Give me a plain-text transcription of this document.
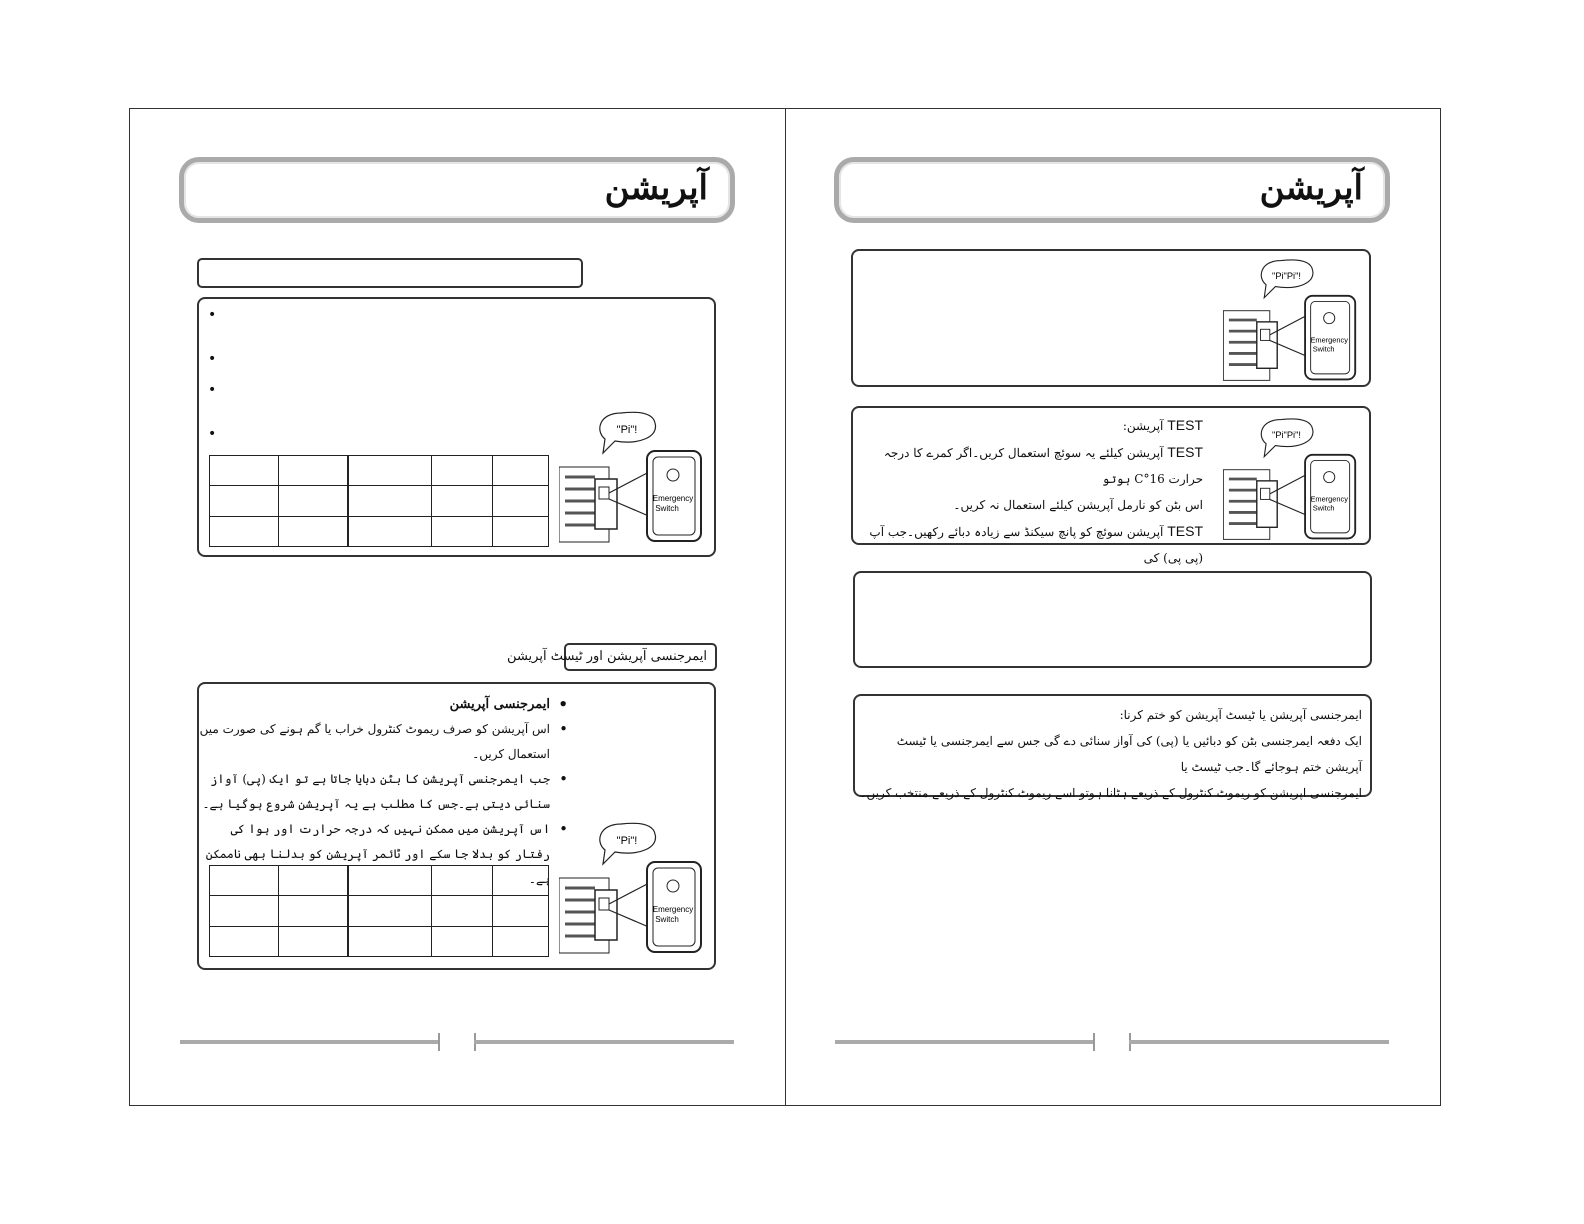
آپریشن
•
•
•
•

					"Pi"!
Emergency
Switch
ایمرجنسی آپریشن اور ٹیسٹ آپریشن
• ایمرجنسی آپریشن
• اس آپریشن کو صرف ریموٹ کنٹرول خراب یا گم ہونے کی صورت میں استعمال کریں۔
• جب ایمرجنسی آپریشن کا بٹن دبایا جاتا ہے تو ایک (پی) آواز سنائی دیتی ہے۔جس کا مطلب ہے یہ آپریشن شروع ہوگیا ہے۔
• اس آپریشن میں ممکن نہیں کہ درجہ حرارت اور ہوا کی رفتار کو بدلا جا سکے اور ٹائمر آپریشن کو بدلنا بھی ناممکن ہے۔

"Pi"!
Emergency
Switch
آپریشن
"Pi"Pi"!
Emergency
Switch
TEST آپریشن:
TEST آپریشن کیلئے یہ سوئچ استعمال کریں۔اگر کمرے کا درجہ حرارت 16°C ہوتو
اس بٹن کو نارمل آپریشن کیلئے استعمال نہ کریں۔
TEST آپریشن سوئچ کو پانچ سیکنڈ سے زیادہ دبائے رکھیں۔جب آپ (پی پی) کی
"Pi"Pi"!
Emergency
Switch
ایمرجنسی آپریشن یا ٹیسٹ آپریشن کو ختم کرنا:
ایک دفعہ ایمرجنسی بٹن کو دبائیں یا (پی) کی آواز سنائی دے گی جس سے ایمرجنسی یا ٹیسٹ آپریشن ختم ہوجائے گا۔جب ٹیسٹ یا
ایمرجنسی اپریشن کو ریموٹ کنٹرول کے ذریعے ہٹانا ہوتو اسے ریموٹ کنٹرول کے ذریعے منتخب کریں۔
